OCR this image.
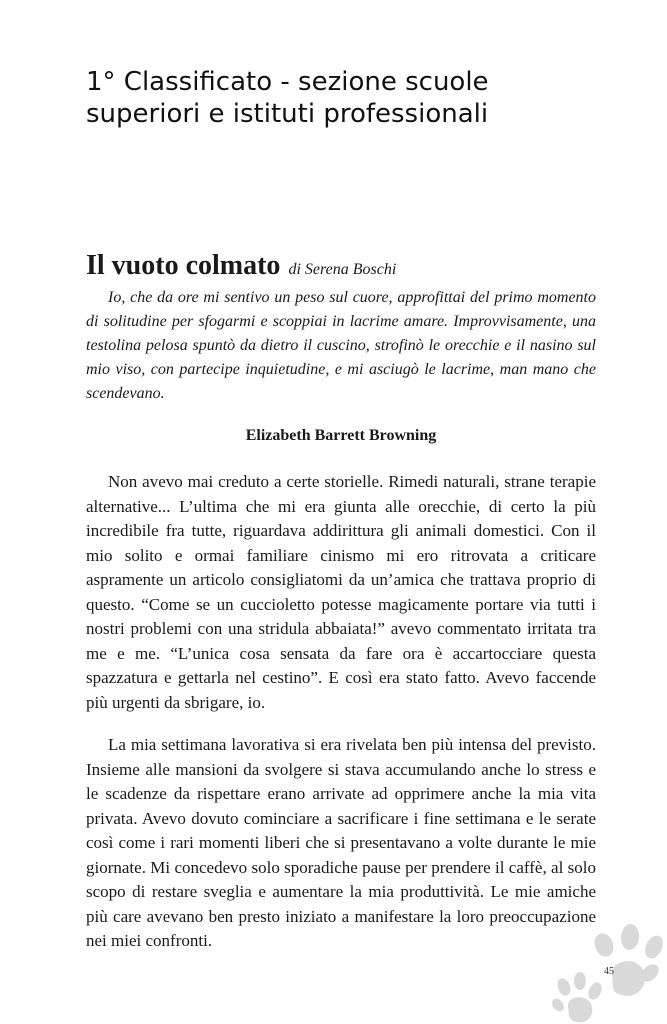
1° Classificato - sezione scuole superiori e istituti professionali
Il vuoto colmato di Serena Boschi

Io, che da ore mi sentivo un peso sul cuore, approfittai del primo momento di solitudine per sfogarmi e scoppiai in lacrime amare. Improvvisamente, una testolina pelosa spuntò da dietro il cuscino, strofinò le orecchie e il nasino sul mio viso, con partecipe inquietudine, e mi asciugò le lacrime, man mano che scendevano.

Elizabeth Barrett Browning

Non avevo mai creduto a certe storielle. Rimedi naturali, strane terapie alternative... L’ultima che mi era giunta alle orecchie, di certo la più incredibile fra tutte, riguardava addirittura gli animali domestici. Con il mio solito e ormai familiare cinismo mi ero ritrovata a criticare aspramente un articolo consigliatomi da un’amica che trattava proprio di questo. “Come se un cuccioletto potesse magicamente portare via tutti i nostri problemi con una stridula abbaiata!” avevo commentato irritata tra me e me. “L’unica cosa sensata da fare ora è accartocciare questa spazzatura e gettarla nel cestino”. E così era stato fatto. Avevo faccende più urgenti da sbrigare, io.

La mia settimana lavorativa si era rivelata ben più intensa del previsto. Insieme alle mansioni da svolgere si stava accumulando anche lo stress e le scadenze da rispettare erano arrivate ad opprimere anche la mia vita privata. Avevo dovuto cominciare a sacrificare i fine settimana e le serate così come i rari momenti liberi che si presentavano a volte durante le mie giornate. Mi concedevo solo sporadiche pause per prendere il caffè, al solo scopo di restare sveglia e aumentare la mia produttività. Le mie amiche più care avevano ben presto iniziato a manifestare la loro preoccupazione nei miei confronti.

45
